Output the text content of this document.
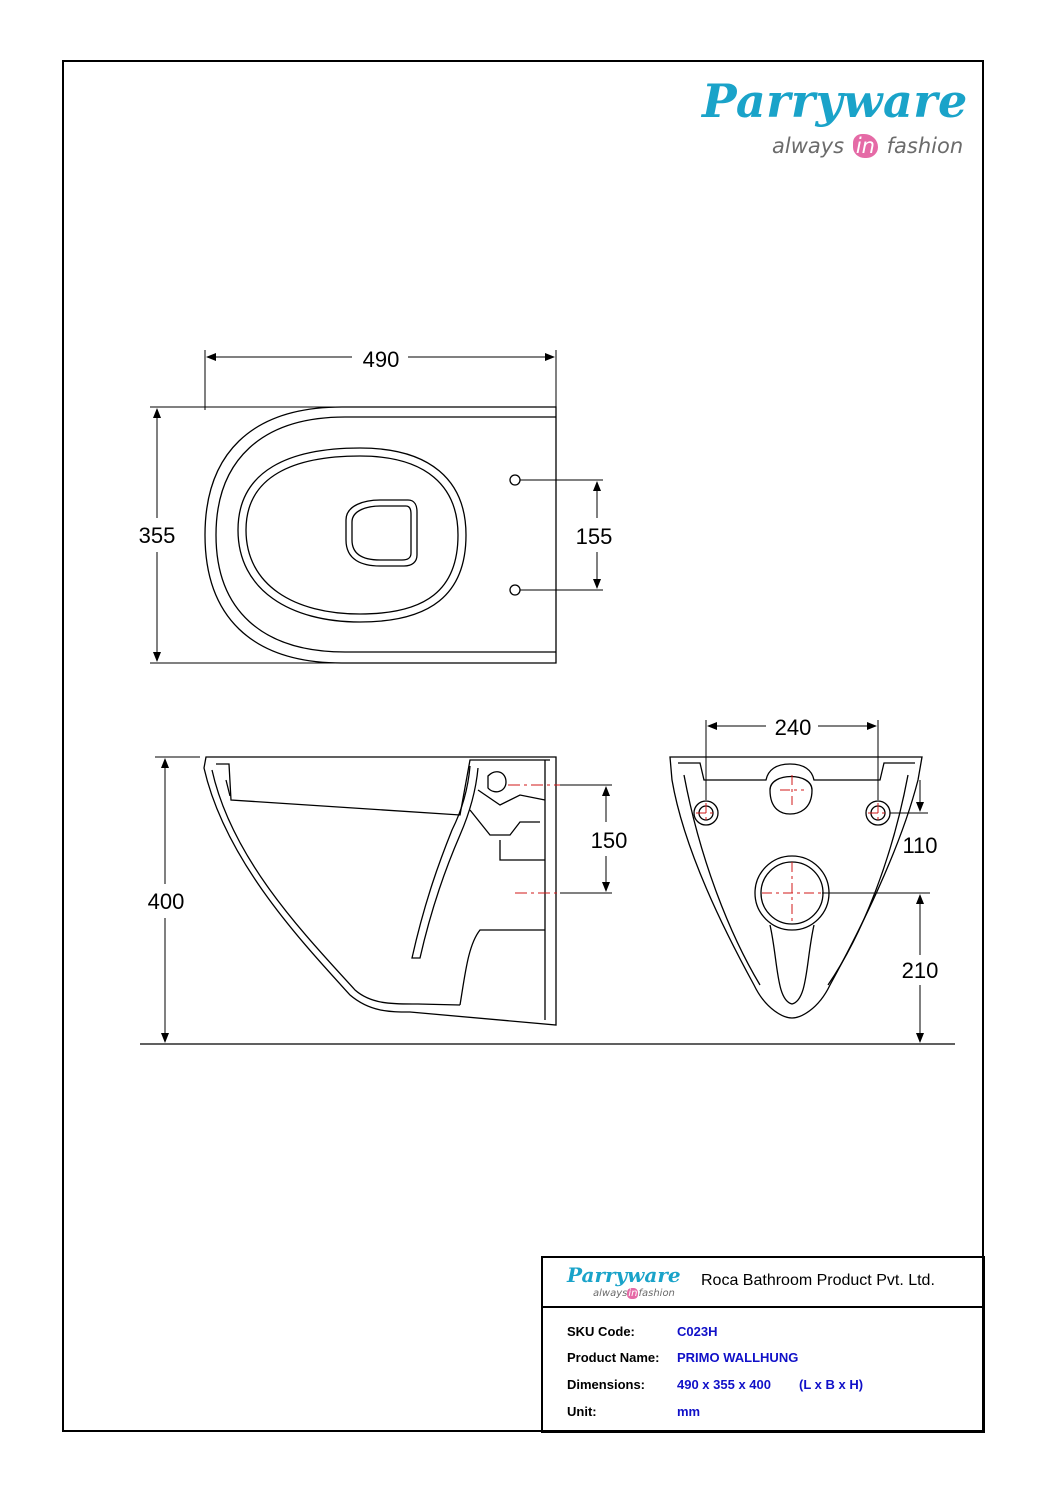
Parryware
always in fashion
490
355	155
400
150
240
110
210
Parryware
alwaysinfashion
Roca Bathroom Product Pvt. Ltd.
SKU Code:	C023H
Product Name: PRIMO WALLHUNG
Dimensions: 490 x 355 x 400 (L x B x H)
Unit:	mm
